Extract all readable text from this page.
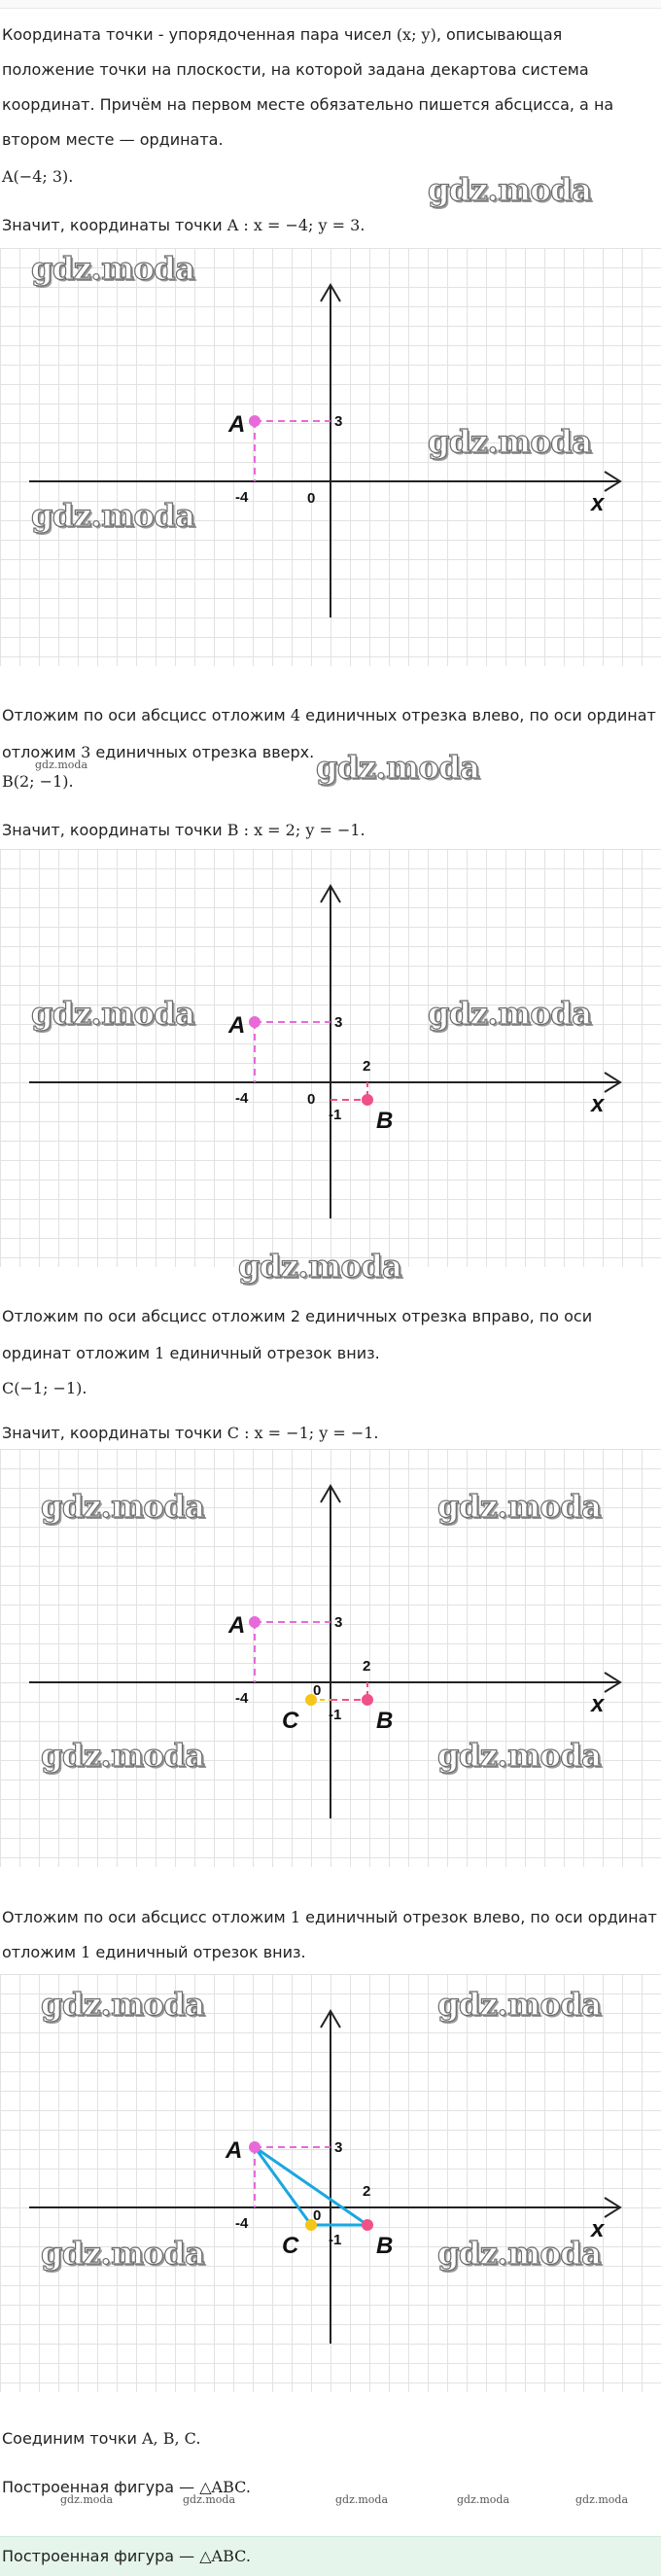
Координата точки - упорядоченная пара чисел (x; y), описывающая

положение точки на плоскости, на которой задана декартова система

координат. Причём на первом месте обязательно пишется абсцисса, а на

втором месте — ордината.

A(−4; 3).

Значит, координаты точки A : x = −4; y = 3.

gdz.moda
A	3
-4	0	x
gdz.moda
gdz.moda
gdz.moda

Отложим по оси абсцисс отложим 4 единичных отрезка влево, по оси ординат

отложим 3 единичных отрезка вверх.

gdz.moda	gdz.moda

B(2; −1).

Значит, координаты точки B : x = 2; y = −1.

A
B
3
2
-1
-4	0	x
gdz.moda	gdz.moda
gdz.moda

Отложим по оси абсцисс отложим 2 единичных отрезка вправо, по оси

ординат отложим 1 единичный отрезок вниз.

C(−1; −1).

Значит, координаты точки C : x = −1; y = −1.

A
B
C
3
2
-1
-4	0
x
gdz.moda	gdz.moda
gdz.moda	gdz.moda

Отложим по оси абсцисс отложим 1 единичный отрезок влево, по оси ординат

отложим 1 единичный отрезок вниз.

A
B
C
3
2
-1
-4	0
x
gdz.moda	gdz.moda
gdz.moda	gdz.moda

Соединим точки A, B, C.

Построенная фигура — △ABC.

gdz.moda	gdz.moda	gdz.moda	gdz.moda	gdz.moda

Построенная фигура — △ABC.
